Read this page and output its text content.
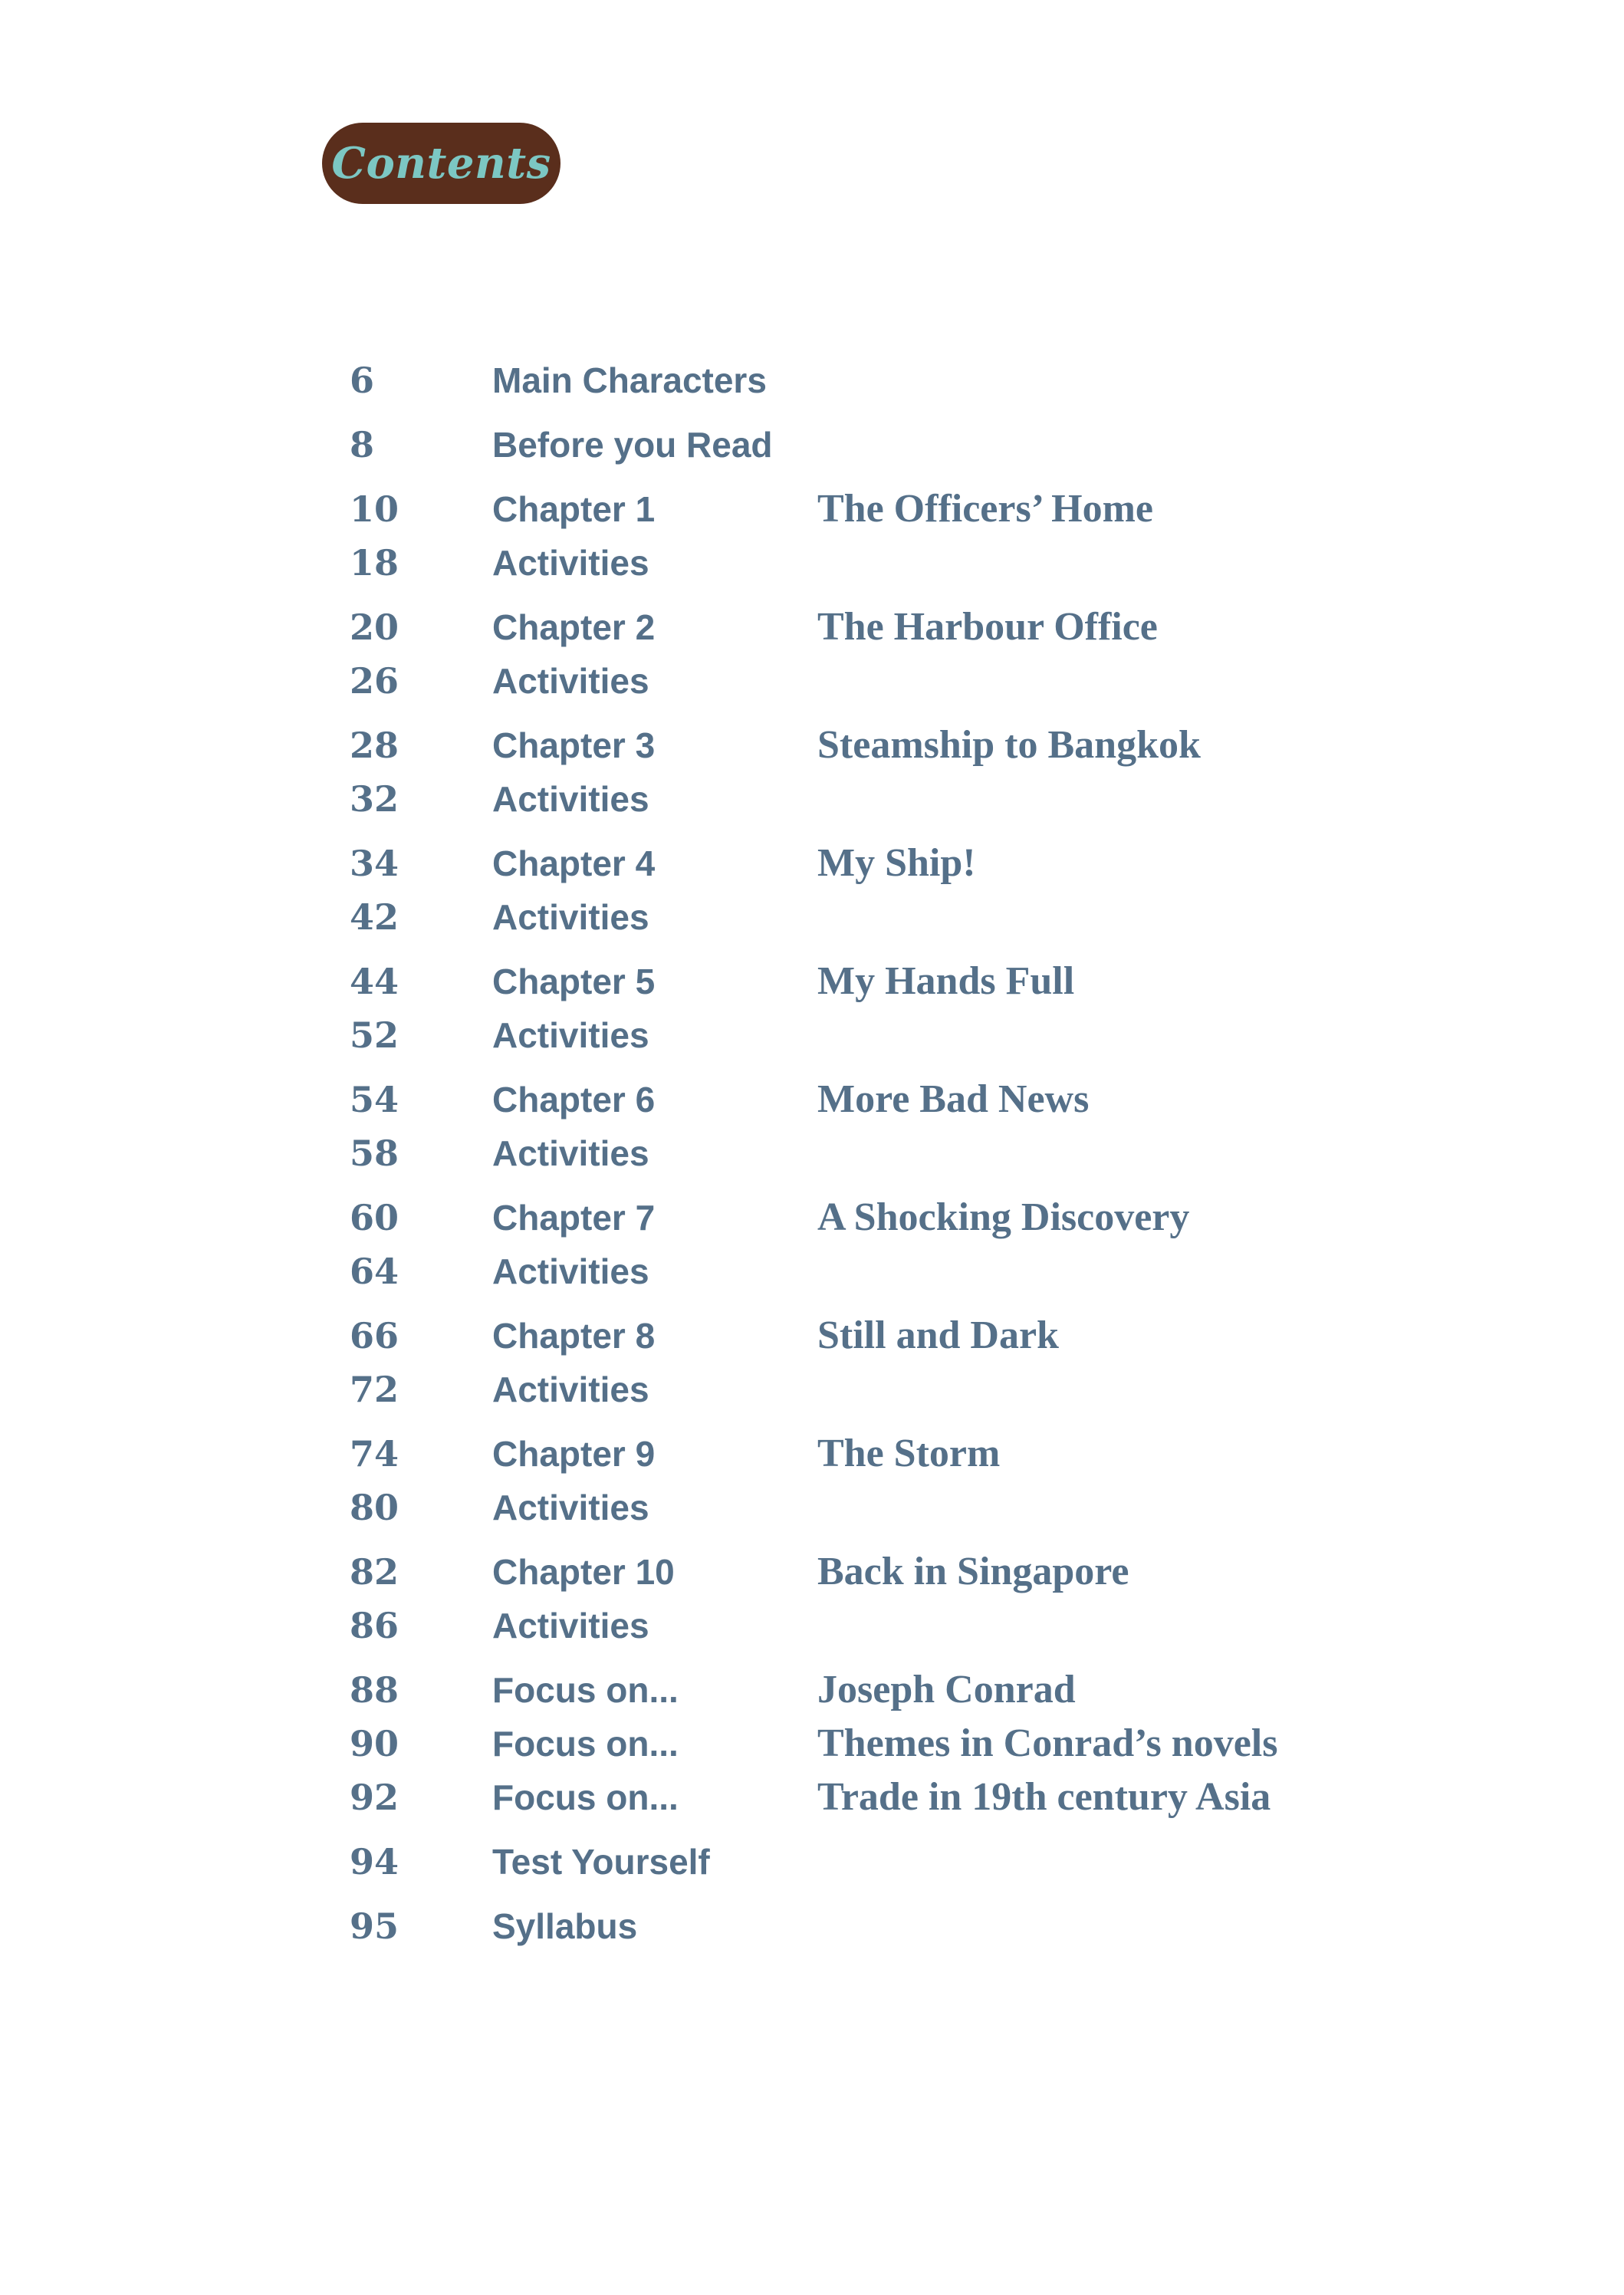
Contents
6	Main Characters
8	Before you Read
10	Chapter 1	The Officers’ Home
18	Activities
20	Chapter 2	The Harbour Office
26	Activities
28	Chapter 3	Steamship to Bangkok
32	Activities
34	Chapter 4	My Ship!
42	Activities
44	Chapter 5	My Hands Full
52	Activities
54	Chapter 6	More Bad News
58	Activities
60	Chapter 7	A Shocking Discovery
64	Activities
66	Chapter 8	Still and Dark
72	Activities
74	Chapter 9	The Storm
80	Activities
82	Chapter 10	Back in Singapore
86	Activities
88	Focus on...	Joseph Conrad
90	Focus on...	Themes in Conrad’s novels
92	Focus on...	Trade in 19th century Asia
94	Test Yourself
95	Syllabus
